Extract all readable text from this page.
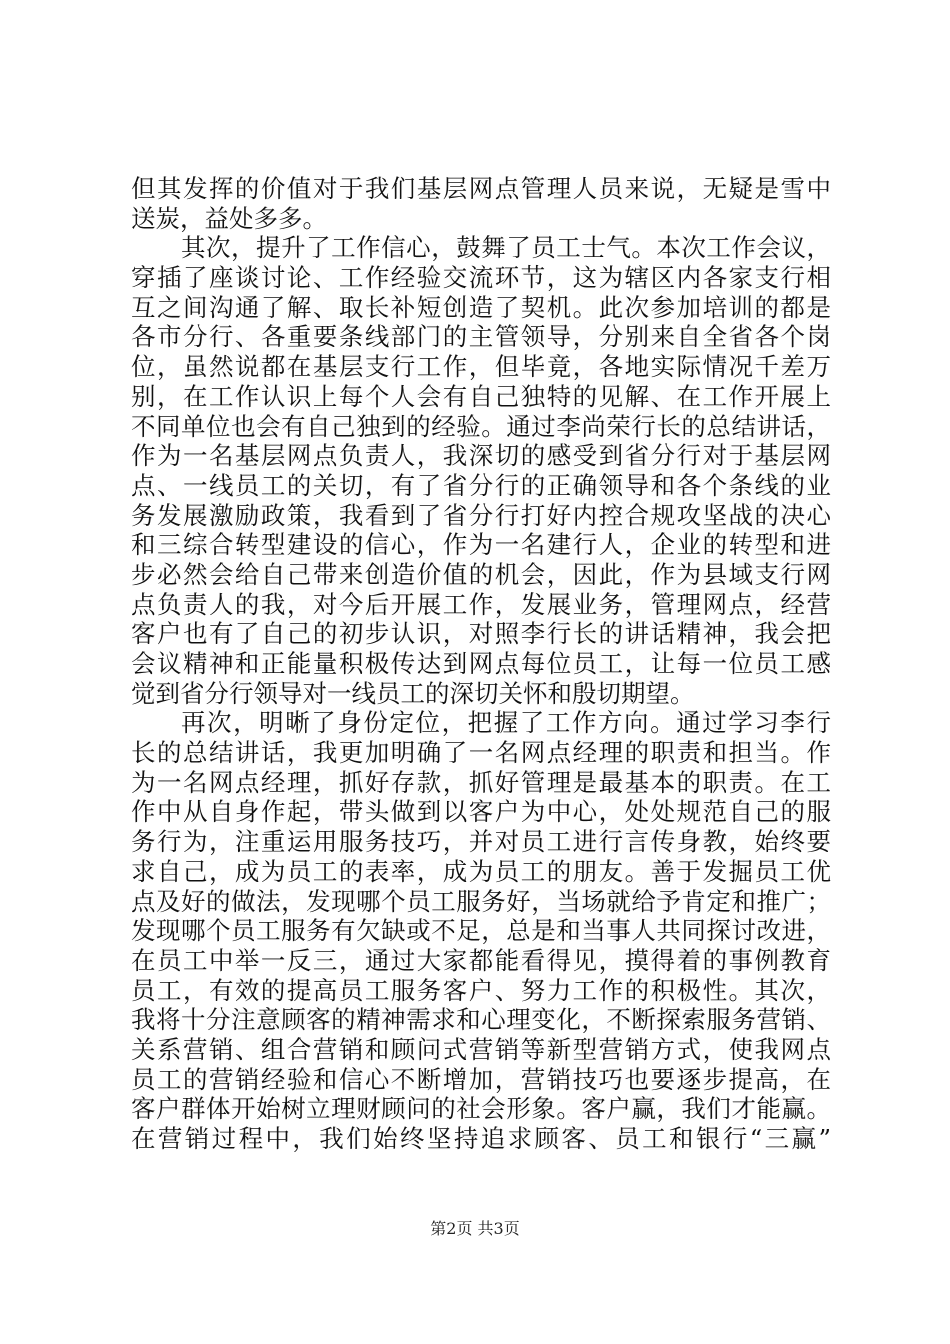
但其发挥的价值对于我们基层网点管理人员来说，无疑是雪中
送炭，益处多多。
其次，提升了工作信心，鼓舞了员工士气。本次工作会议，
穿插了座谈讨论、工作经验交流环节，这为辖区内各家支行相
互之间沟通了解、取长补短创造了契机。此次参加培训的都是
各市分行、各重要条线部门的主管领导，分别来自全省各个岗
位，虽然说都在基层支行工作，但毕竟，各地实际情况千差万
别，在工作认识上每个人会有自己独特的见解、在工作开展上
不同单位也会有自己独到的经验。通过李尚荣行长的总结讲话，
作为一名基层网点负责人，我深切的感受到省分行对于基层网
点、一线员工的关切，有了省分行的正确领导和各个条线的业
务发展激励政策，我看到了省分行打好内控合规攻坚战的决心
和三综合转型建设的信心，作为一名建行人，企业的转型和进
步必然会给自己带来创造价值的机会，因此，作为县域支行网
点负责人的我，对今后开展工作，发展业务，管理网点，经营
客户也有了自己的初步认识，对照李行长的讲话精神，我会把
会议精神和正能量积极传达到网点每位员工，让每一位员工感
觉到省分行领导对一线员工的深切关怀和殷切期望。
再次，明晰了身份定位，把握了工作方向。通过学习李行
长的总结讲话，我更加明确了一名网点经理的职责和担当。作
为一名网点经理，抓好存款，抓好管理是最基本的职责。在工
作中从自身作起，带头做到以客户为中心，处处规范自己的服
务行为，注重运用服务技巧，并对员工进行言传身教，始终要
求自己，成为员工的表率，成为员工的朋友。善于发掘员工优
点及好的做法，发现哪个员工服务好，当场就给予肯定和推广；
发现哪个员工服务有欠缺或不足，总是和当事人共同探讨改进，
在员工中举一反三，通过大家都能看得见，摸得着的事例教育
员工，有效的提高员工服务客户、努力工作的积极性。其次，
我将十分注意顾客的精神需求和心理变化，不断探索服务营销、
关系营销、组合营销和顾问式营销等新型营销方式，使我网点
员工的营销经验和信心不断增加，营销技巧也要逐步提高，在
客户群体开始树立理财顾问的社会形象。客户赢，我们才能赢。
在营销过程中，我们始终坚持追求顾客、员工和银行“三赢”
第2页 共3页
